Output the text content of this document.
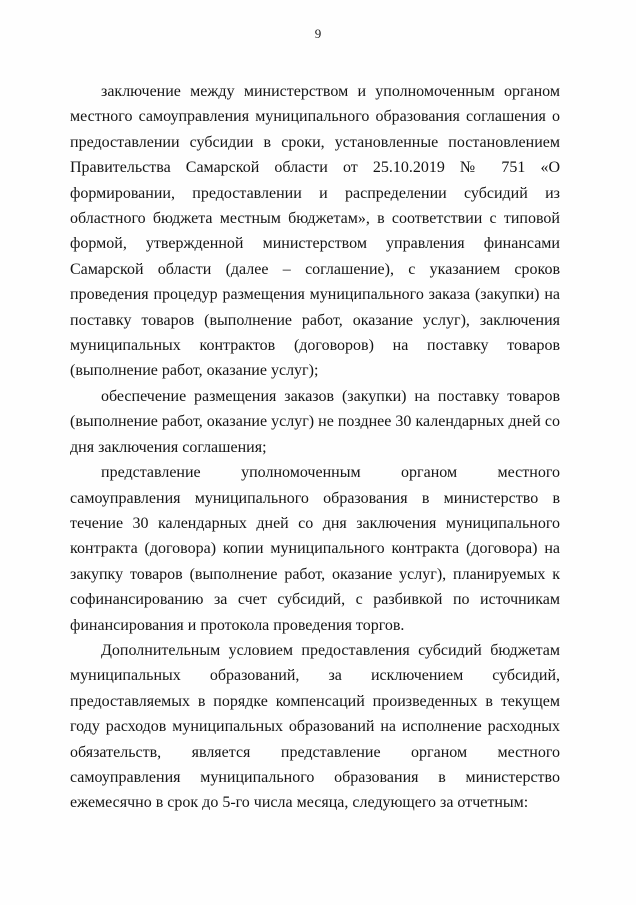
9

заключение между министерством и уполномоченным органом местного самоуправления муниципального образования соглашения о предоставлении субсидии в сроки, установленные постановлением Правительства Самарской области от 25.10.2019 № 751 «О формировании, предоставлении и распределении субсидий из областного бюджета местным бюджетам», в соответствии с типовой формой, утвержденной министерством управления финансами Самарской области (далее – соглашение), с указанием сроков проведения процедур размещения муниципального заказа (закупки) на поставку товаров (выполнение работ, оказание услуг), заключения муниципальных контрактов (договоров) на поставку товаров (выполнение работ, оказание услуг);

обеспечение размещения заказов (закупки) на поставку товаров (выполнение работ, оказание услуг) не позднее 30 календарных дней со дня заключения соглашения;

представление уполномоченным органом местного самоуправления муниципального образования в министерство в течение 30 календарных дней со дня заключения муниципального контракта (договора) копии муниципального контракта (договора) на закупку товаров (выполнение работ, оказание услуг), планируемых к софинансированию за счет субсидий, с разбивкой по источникам финансирования и протокола проведения торгов.

Дополнительным условием предоставления субсидий бюджетам муниципальных образований, за исключением субсидий, предоставляемых в порядке компенсаций произведенных в текущем году расходов муниципальных образований на исполнение расходных обязательств, является представление органом местного самоуправления муниципального образования в министерство ежемесячно в срок до 5-го числа месяца, следующего за отчетным:
